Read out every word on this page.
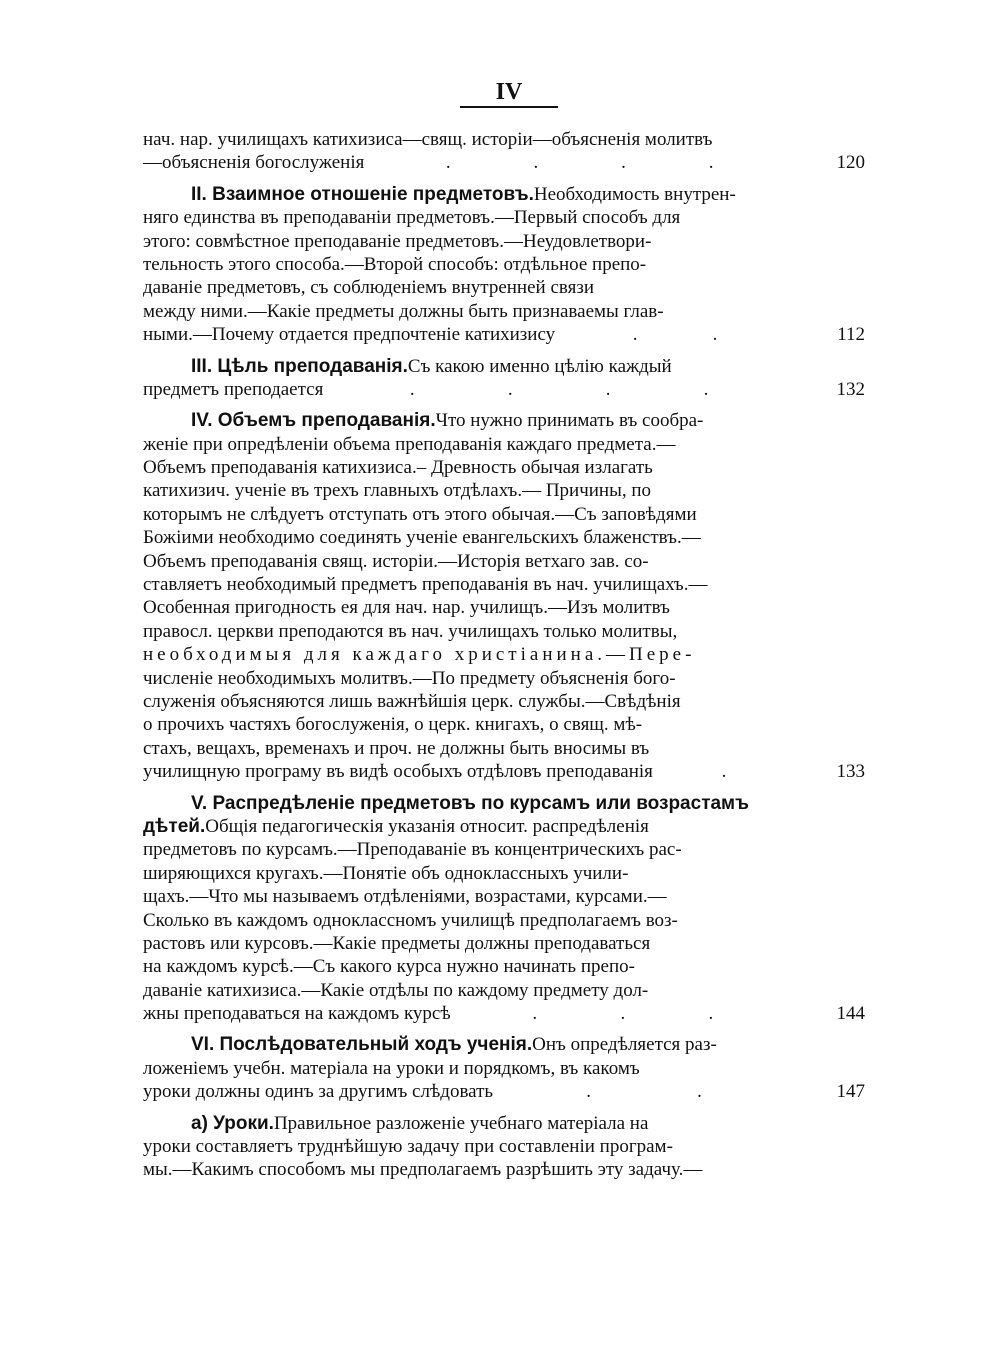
IV
нач. нар. училищахъ катихизиса—свящ. исторіи—объясненія молитвъ
—объясненія богослуженія	.	.	.	.	120
II. Взаимное отношеніе предметовъ. Необходимость внутрен-
няго единства въ преподаваніи предметовъ.—Первый способъ для
этого: совмѣстное преподаваніе предметовъ.—Неудовлетвори-
тельность этого способа.—Второй способъ: отдѣльное препо-
даваніе предметовъ, съ соблюденіемъ внутренней связи
между ними.—Какіе предметы должны быть признаваемы глав-
ными.—Почему отдается предпочтеніе катихизису	.	.	112
III. Цѣль преподаванія. Съ какою именно цѣлію каждый
предметъ преподается	.	.	.	.	132
IV. Объемъ преподаванія. Что нужно принимать въ сообра-
женіе при опредѣленіи объема преподаванія каждаго предмета.—
Объемъ преподаванія катихизиса.– Древность обычая излагать
катихизич. ученіе въ трехъ главныхъ отдѣлахъ.— Причины, по
которымъ не слѣдуетъ отступать отъ этого обычая.—Съ заповѣдями
Божіими необходимо соединять ученіе евангельскихъ блаженствъ.—
Объемъ преподаванія свящ. исторіи.—Исторія ветхаго зав. со-
ставляетъ необходимый предметъ преподаванія въ нач. училищахъ.—
Особенная пригодность ея для нач. нар. училищъ.—Изъ молитвъ
правосл. церкви преподаются въ нач. училищахъ только молитвы,
необходимыя для каждаго христіанина.—Пере-
численіе необходимыхъ молитвъ.—По предмету объясненія бого-
служенія объясняются лишь важнѣйшія церк. службы.—Свѣдѣнія
о прочихъ частяхъ богослуженія, о церк. книгахъ, о свящ. мѣ-
стахъ, вещахъ, временахъ и проч. не должны быть вносимы въ
училищную програму въ видѣ особыхъ отдѣловъ преподаванія	.	133
V. Распредѣленіе предметовъ по курсамъ или возрастамъ
дѣтей. Общія педагогическія указанія относит. распредѣленія
предметовъ по курсамъ.—Преподаваніе въ концентрическихъ рас-
ширяющихся кругахъ.—Понятіе объ одноклассныхъ учили-
щахъ.—Что мы называемъ отдѣленіями, возрастами, курсами.—
Сколько въ каждомъ одноклассномъ училищѣ предполагаемъ воз-
растовъ или курсовъ.—Какіе предметы должны преподаваться
на каждомъ курсѣ.—Съ какого курса нужно начинать препо-
даваніе катихизиса.—Какіе отдѣлы по каждому предмету дол-
жны преподаваться на каждомъ курсѣ	.	.	.	144
VI. Послѣдовательный ходъ ученія. Онъ опредѣляется раз-
ложеніемъ учебн. матеріала на уроки и порядкомъ, въ какомъ
уроки должны одинъ за другимъ слѣдовать	.	.	147
а) Уроки. Правильное разложеніе учебнаго матеріала на
уроки составляетъ труднѣйшую задачу при составленіи програм-
мы.—Какимъ способомъ мы предполагаемъ разрѣшить эту задачу.—
